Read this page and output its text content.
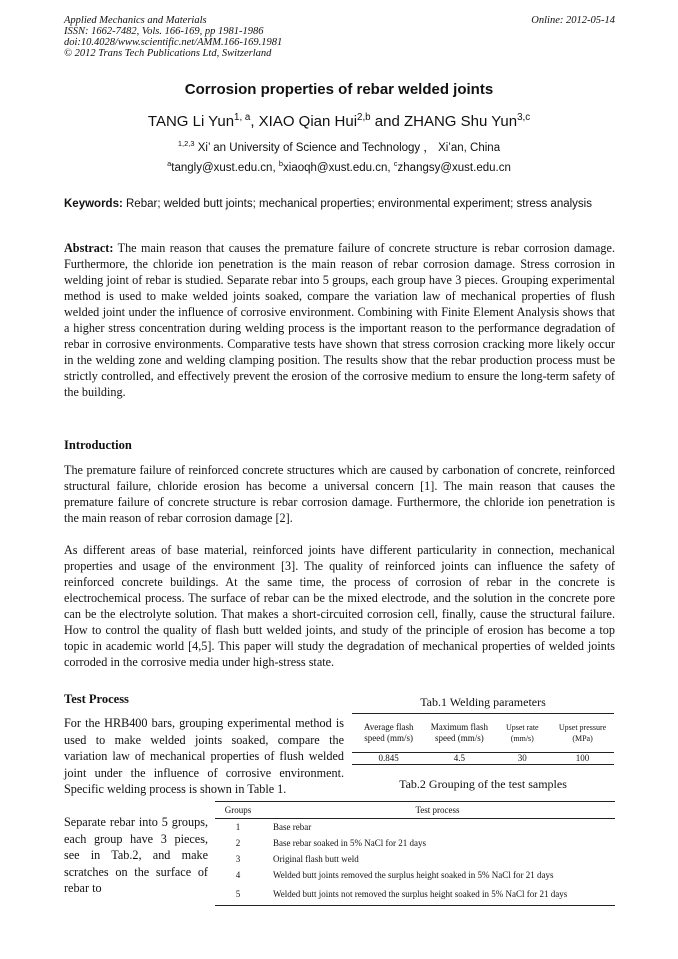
Applied Mechanics and Materials
ISSN: 1662-7482, Vols. 166-169, pp 1981-1986
doi:10.4028/www.scientific.net/AMM.166-169.1981
© 2012 Trans Tech Publications Ltd, Switzerland
Online: 2012-05-14
Corrosion properties of rebar welded joints
TANG Li Yun$^{1, a}$, XIAO Qian Hui$^{2,b}$ and ZHANG Shu Yun$^{3,c}$
$^{1,2,3}$ Xi’ an University of Science and Technology ， Xi’an, China
$^a$tangly@xust.edu.cn, $^b$xiaoqh@xust.edu.cn, $^c$zhangsy@xust.edu.cn
Keywords: Rebar; welded butt joints; mechanical properties; environmental experiment; stress analysis
Abstract: The main reason that causes the premature failure of concrete structure is rebar corrosion damage. Furthermore, the chloride ion penetration is the main reason of rebar corrosion damage. Stress corrosion in welding joint of rebar is studied. Separate rebar into 5 groups, each group have 3 pieces. Grouping experimental method is used to make welded joints soaked, compare the variation law of mechanical properties of flush welded joint under the influence of corrosive environment. Combining with Finite Element Analysis shows that a higher stress concentration during welding process is the important reason to the performance degradation of rebar in corrosive environments. Comparative tests have shown that stress corrosion cracking more likely occur in the welding zone and welding clamping position. The results show that the rebar production process must be strictly controlled, and effectively prevent the erosion of the corrosive medium to ensure the long-term safety of the building.
Introduction
The premature failure of reinforced concrete structures which are caused by carbonation of concrete, reinforced structural failure, chloride erosion has become a universal concern [1]. The main reason that causes the premature failure of concrete structure is rebar corrosion damage. Furthermore, the chloride ion penetration is the main reason of rebar corrosion damage [2].
As different areas of base material, reinforced joints have different particularity in connection, mechanical properties and usage of the environment [3]. The quality of reinforced joints can influence the safety of reinforced concrete buildings. At the same time, the process of corrosion of rebar in the concrete is electrochemical process. The surface of rebar can be the mixed electrode, and the solution in the concrete pore can be the electrolyte solution. That makes a short-circuited corrosion cell, finally, cause the structural failure. How to control the quality of flash butt welded joints, and study of the principle of erosion has become a top topic in academic world [4,5]. This paper will study the degradation of mechanical properties of welded joints corroded in the corrosive media under high-stress state.
Test Process
For the HRB400 bars, grouping experimental method is used to make welded joints soaked, compare the variation law of mechanical properties of flush welded joint under the influence of corrosive environment. Specific welding process is shown in Table 1.
Separate rebar into 5 groups, each group have 3 pieces, see in Tab.2, and make scratches on the surface of rebar to
Tab.1 Welding parameters
Average flash speed (mm/s)	Maximum flash speed (mm/s)	Upset rate (mm/s)	Upset pressure (MPa)
0.845	4.5	30	100
Tab.2 Grouping of the test samples
Groups	Test process
1	Base rebar
2	Base rebar soaked in 5% NaCl for 21 days
3	Original flash butt weld
4	Welded butt joints removed the surplus height soaked in 5% NaCl for 21 days
5	Welded butt joints not removed the surplus height soaked in 5% NaCl for 21 days
